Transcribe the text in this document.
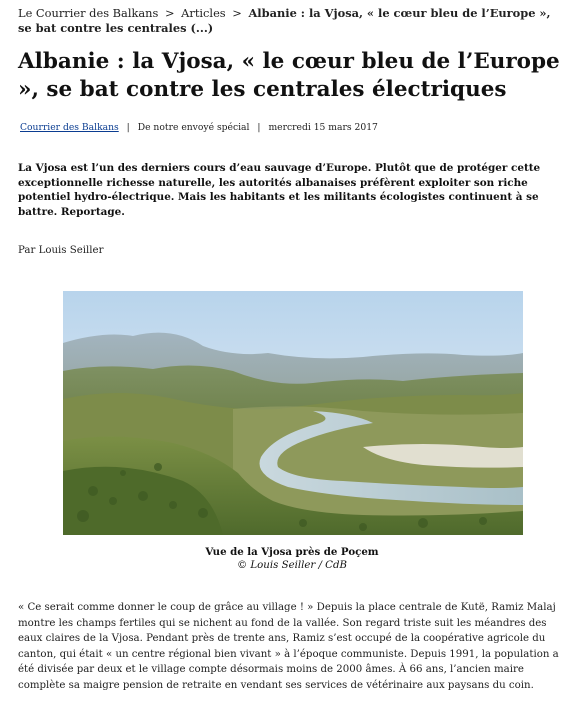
Le Courrier des Balkans > Articles > Albanie : la Vjosa, « le cœur bleu de l’Europe », se bat contre les centrales (...)
Albanie : la Vjosa, « le cœur bleu de l’Europe », se bat contre les centrales électriques
Courrier des Balkans | De notre envoyé spécial | mercredi 15 mars 2017

La Vjosa est l’un des derniers cours d’eau sauvage d’Europe. Plutôt que de protéger cette exceptionnelle richesse naturelle, les autorités albanaises préfèrent exploiter son riche potentiel hydro-électrique. Mais les habitants et les militants écologistes continuent à se battre. Reportage.

Par Louis Seiller

Vue de la Vjosa près de Poçem
© Louis Seiller / CdB

« Ce serait comme donner le coup de grâce au village ! » Depuis la place centrale de Kutë, Ramiz Malaj montre les champs fertiles qui se nichent au fond de la vallée. Son regard triste suit les méandres des eaux claires de la Vjosa. Pendant près de trente ans, Ramiz s’est occupé de la coopérative agricole du canton, qui était « un centre régional bien vivant » à l’époque communiste. Depuis 1991, la population a été divisée par deux et le village compte désormais moins de 2000 âmes. À 66 ans, l’ancien maire complète sa maigre pension de retraite en vendant ses services de vétérinaire aux paysans du coin.
